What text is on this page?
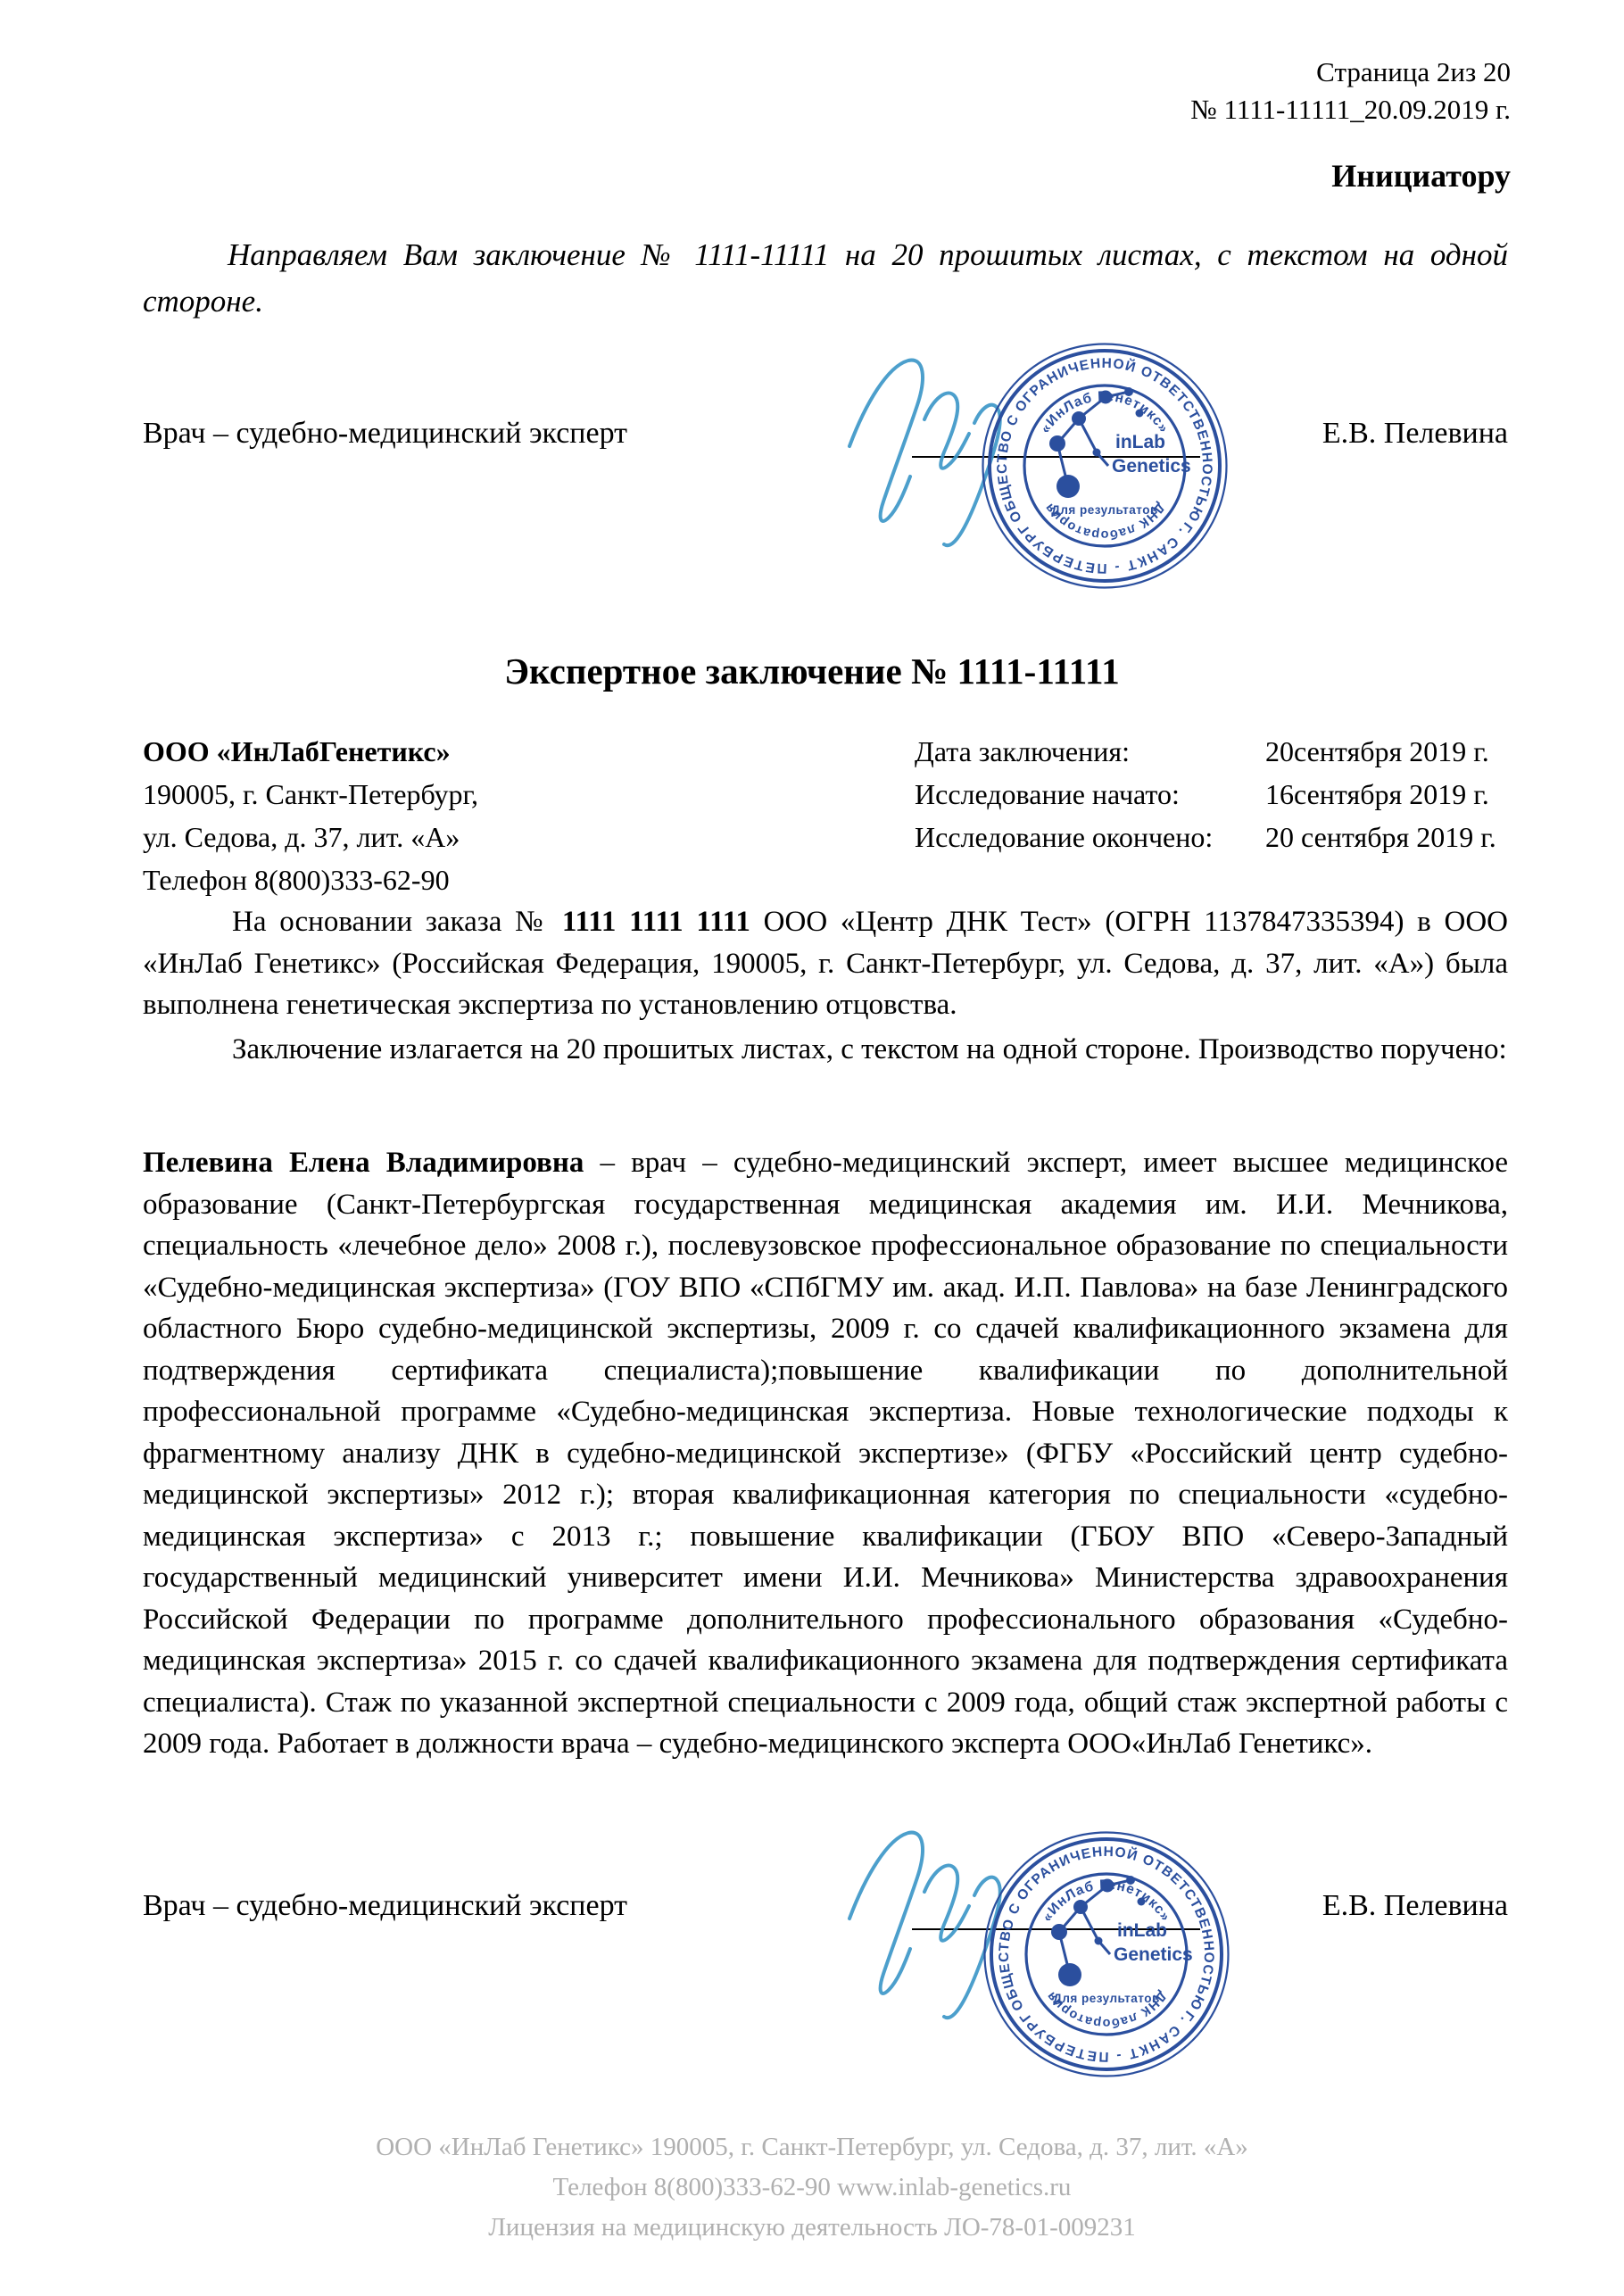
Страница 2из 20
№ 1111-11111_20.09.2019 г.
Инициатору
Направляем Вам заключение № 1111-11111 на 20 прошитых листах, с текстом на одной стороне.
Врач – судебно-медицинский эксперт	Е.В. Пелевина
Экспертное заключение № 1111-11111
ООО «ИнЛабГенетикс»
190005, г. Санкт-Петербург,
ул. Седова, д. 37, лит. «А»
Телефон 8(800)333-62-90
Дата заключения:	20сентября 2019 г.
Исследование начато:	16сентября 2019 г.
Исследование окончено: 20 сентября 2019 г.
На основании заказа № 1111 1111 1111 ООО «Центр ДНК Тест» (ОГРН 1137847335394) в ООО «ИнЛаб Генетикс» (Российская Федерация, 190005, г. Санкт-Петербург, ул. Седова, д. 37, лит. «А») была выполнена генетическая экспертиза по установлению отцовства.
Заключение излагается на 20 прошитых листах, с текстом на одной стороне. Производство поручено:
Пелевина Елена Владимировна – врач – судебно-медицинский эксперт, имеет высшее медицинское образование (Санкт-Петербургская государственная медицинская академия им. И.И. Мечникова, специальность «лечебное дело» 2008 г.), послевузовское профессиональное образование по специальности «Судебно-медицинская экспертиза» (ГОУ ВПО «СПбГМУ им. акад. И.П. Павлова» на базе Ленинградского областного Бюро судебно-медицинской экспертизы, 2009 г. со сдачей квалификационного экзамена для подтверждения сертификата специалиста);повышение квалификации по дополнительной профессиональной программе «Судебно-медицинская экспертиза. Новые технологические подходы к фрагментному анализу ДНК в судебно-медицинской экспертизе» (ФГБУ «Российский центр судебно-медицинской экспертизы» 2012 г.); вторая квалификационная категория по специальности «судебно-медицинская экспертиза» с 2013 г.; повышение квалификации (ГБОУ ВПО «Северо-Западный государственный медицинский университет имени И.И. Мечникова» Министерства здравоохранения Российской Федерации по программе дополнительного профессионального образования «Судебно-медицинская экспертиза» 2015 г. со сдачей квалификационного экзамена для подтверждения сертификата специалиста). Стаж по указанной экспертной специальности с 2009 года, общий стаж экспертной работы с 2009 года. Работает в должности врача – судебно-медицинского эксперта ООО«ИнЛаб Генетикс».
Врач – судебно-медицинский эксперт	Е.В. Пелевина
ООО «ИнЛаб Генетикс» 190005, г. Санкт-Петербург, ул. Седова, д. 37, лит. «А»
Телефон 8(800)333-62-90 www.inlab-genetics.ru
Лицензия на медицинскую деятельность ЛО-78-01-009231
